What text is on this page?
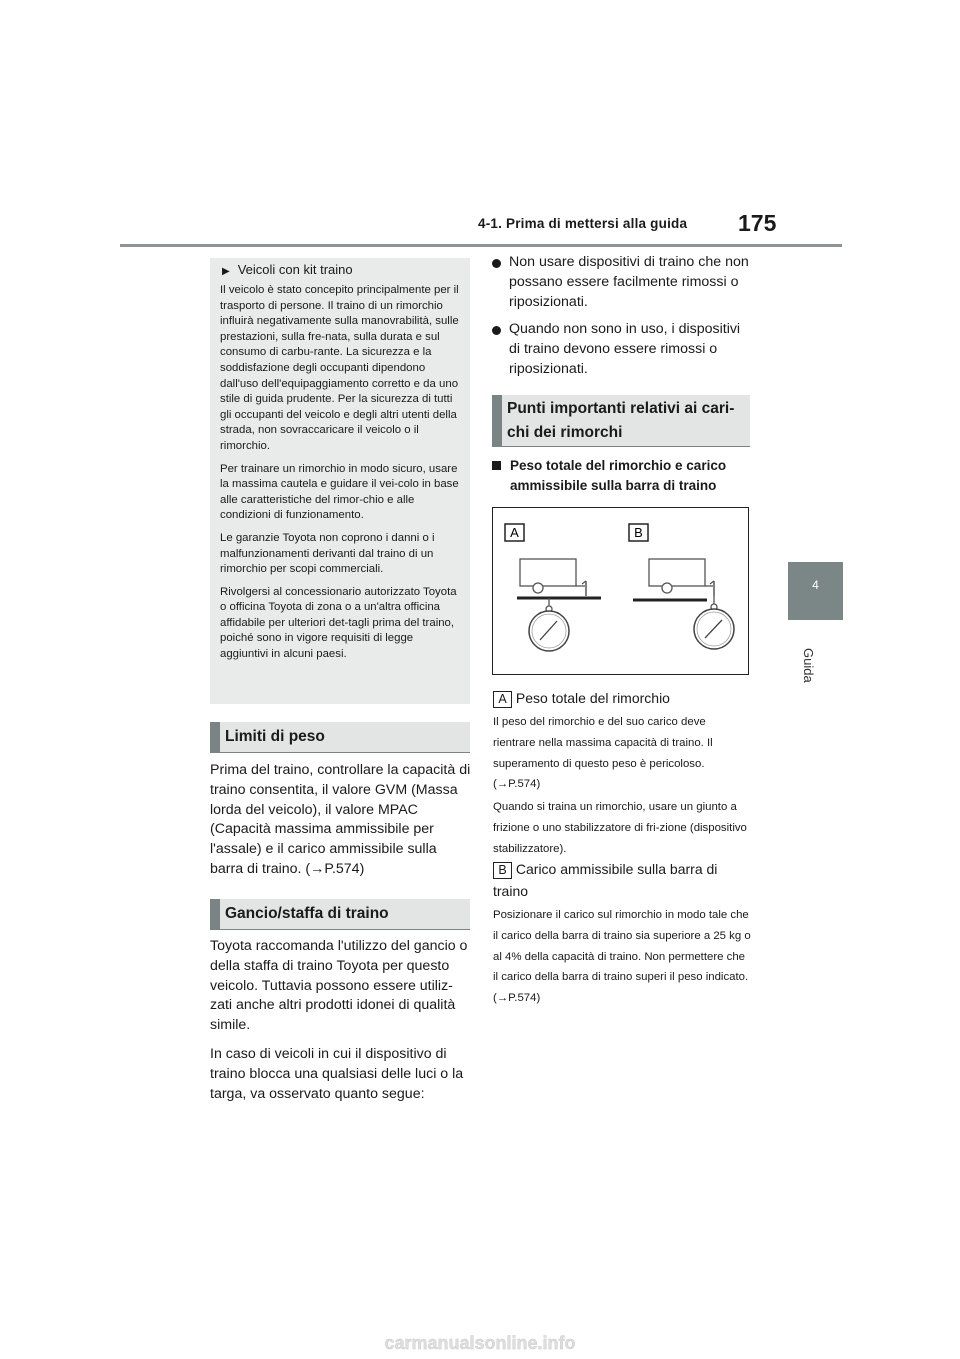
4-1. Prima di mettersi alla guida 175
4
Guida
▶ Veicoli con kit traino

Il veicolo è stato concepito principalmente per il trasporto di persone. Il traino di un rimorchio influirà negativamente sulla manovrabilità, sulle prestazioni, sulla fre-nata, sulla durata e sul consumo di carbu-rante. La sicurezza e la soddisfazione degli occupanti dipendono dall'uso dell'equipaggiamento corretto e da uno stile di guida prudente. Per la sicurezza di tutti gli occupanti del veicolo e degli altri utenti della strada, non sovraccaricare il veicolo o il rimorchio.

Per trainare un rimorchio in modo sicuro, usare la massima cautela e guidare il vei-colo in base alle caratteristiche del rimor-chio e alle condizioni di funzionamento.

Le garanzie Toyota non coprono i danni o i malfunzionamenti derivanti dal traino di un rimorchio per scopi commerciali.

Rivolgersi al concessionario autorizzato Toyota o officina Toyota di zona o a un'altra officina affidabile per ulteriori det-tagli prima del traino, poiché sono in vigore requisiti di legge aggiuntivi in alcuni paesi.

Limiti di peso

Prima del traino, controllare la capacità di traino consentita, il valore GVM (Massa lorda del veicolo), il valore MPAC (Capacità massima ammissibile per l'assale) e il carico ammissibile sulla barra di traino. (→P.574)

Gancio/staffa di traino

Toyota raccomanda l'utilizzo del gancio o della staffa di traino Toyota per questo veicolo. Tuttavia possono essere utiliz-zati anche altri prodotti idonei di qualità simile.

In caso di veicoli in cui il dispositivo di traino blocca una qualsiasi delle luci o la targa, va osservato quanto segue:

Non usare dispositivi di traino che non possano essere facilmente rimossi o riposizionati.
Quando non sono in uso, i dispositivi di traino devono essere rimossi o riposizionati.
Punti importanti relativi ai cari-chi dei rimorchi
Peso totale del rimorchio e carico ammissibile sulla barra di traino
A	B
A Peso totale del rimorchio

Il peso del rimorchio e del suo carico deve rientrare nella massima capacità di traino. Il superamento di questo peso è pericoloso. (→P.574)

Quando si traina un rimorchio, usare un giunto a frizione o uno stabilizzatore di fri-zione (dispositivo stabilizzatore).

B Carico ammissibile sulla barra di traino

Posizionare il carico sul rimorchio in modo tale che il carico della barra di traino sia superiore a 25 kg o al 4% della capacità di traino. Non permettere che il carico della barra di traino superi il peso indicato. (→P.574)

carmanualsonline.info
